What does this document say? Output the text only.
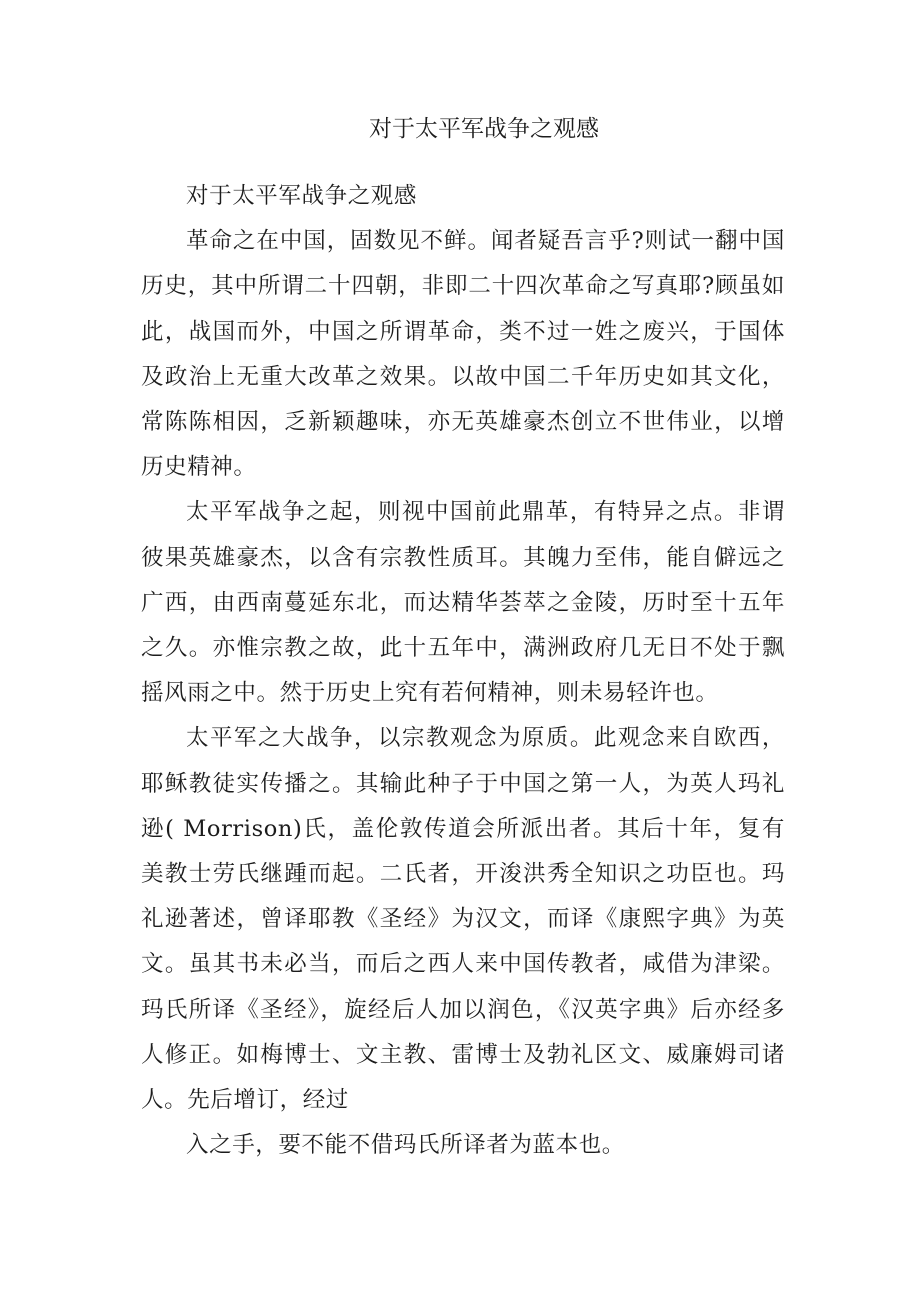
对于太平军战争之观感

对于太平军战争之观感

革命之在中国，固数见不鲜。闻者疑吾言乎?则试一翻中国历史，其中所谓二十四朝，非即二十四次革命之写真耶?顾虽如此，战国而外，中国之所谓革命，类不过一姓之废兴，于国体及政治上无重大改革之效果。以故中国二千年历史如其文化，常陈陈相因，乏新颖趣味，亦无英雄豪杰创立不世伟业，以增历史精神。

太平军战争之起，则视中国前此鼎革，有特异之点。非谓彼果英雄豪杰，以含有宗教性质耳。其魄力至伟，能自僻远之广西，由西南蔓延东北，而达精华荟萃之金陵，历时至十五年之久。亦惟宗教之故，此十五年中，满洲政府几无日不处于飘摇风雨之中。然于历史上究有若何精神，则未易轻许也。

太平军之大战争，以宗教观念为原质。此观念来自欧西，耶稣教徒实传播之。其输此种子于中国之第一人，为英人玛礼逊( Morrison)氏，盖伦敦传道会所派出者。其后十年，复有美教士劳氏继踵而起。二氏者，开浚洪秀全知识之功臣也。玛礼逊著述，曾译耶教《圣经》为汉文，而译《康熙字典》为英文。虽其书未必当，而后之西人来中国传教者，咸借为津梁。玛氏所译《圣经》，旋经后人加以润色，《汉英字典》后亦经多人修正。如梅博士、文主教、雷博士及勃礼区文、威廉姆司诸人。先后增订，经过

入之手，要不能不借玛氏所译者为蓝本也。
